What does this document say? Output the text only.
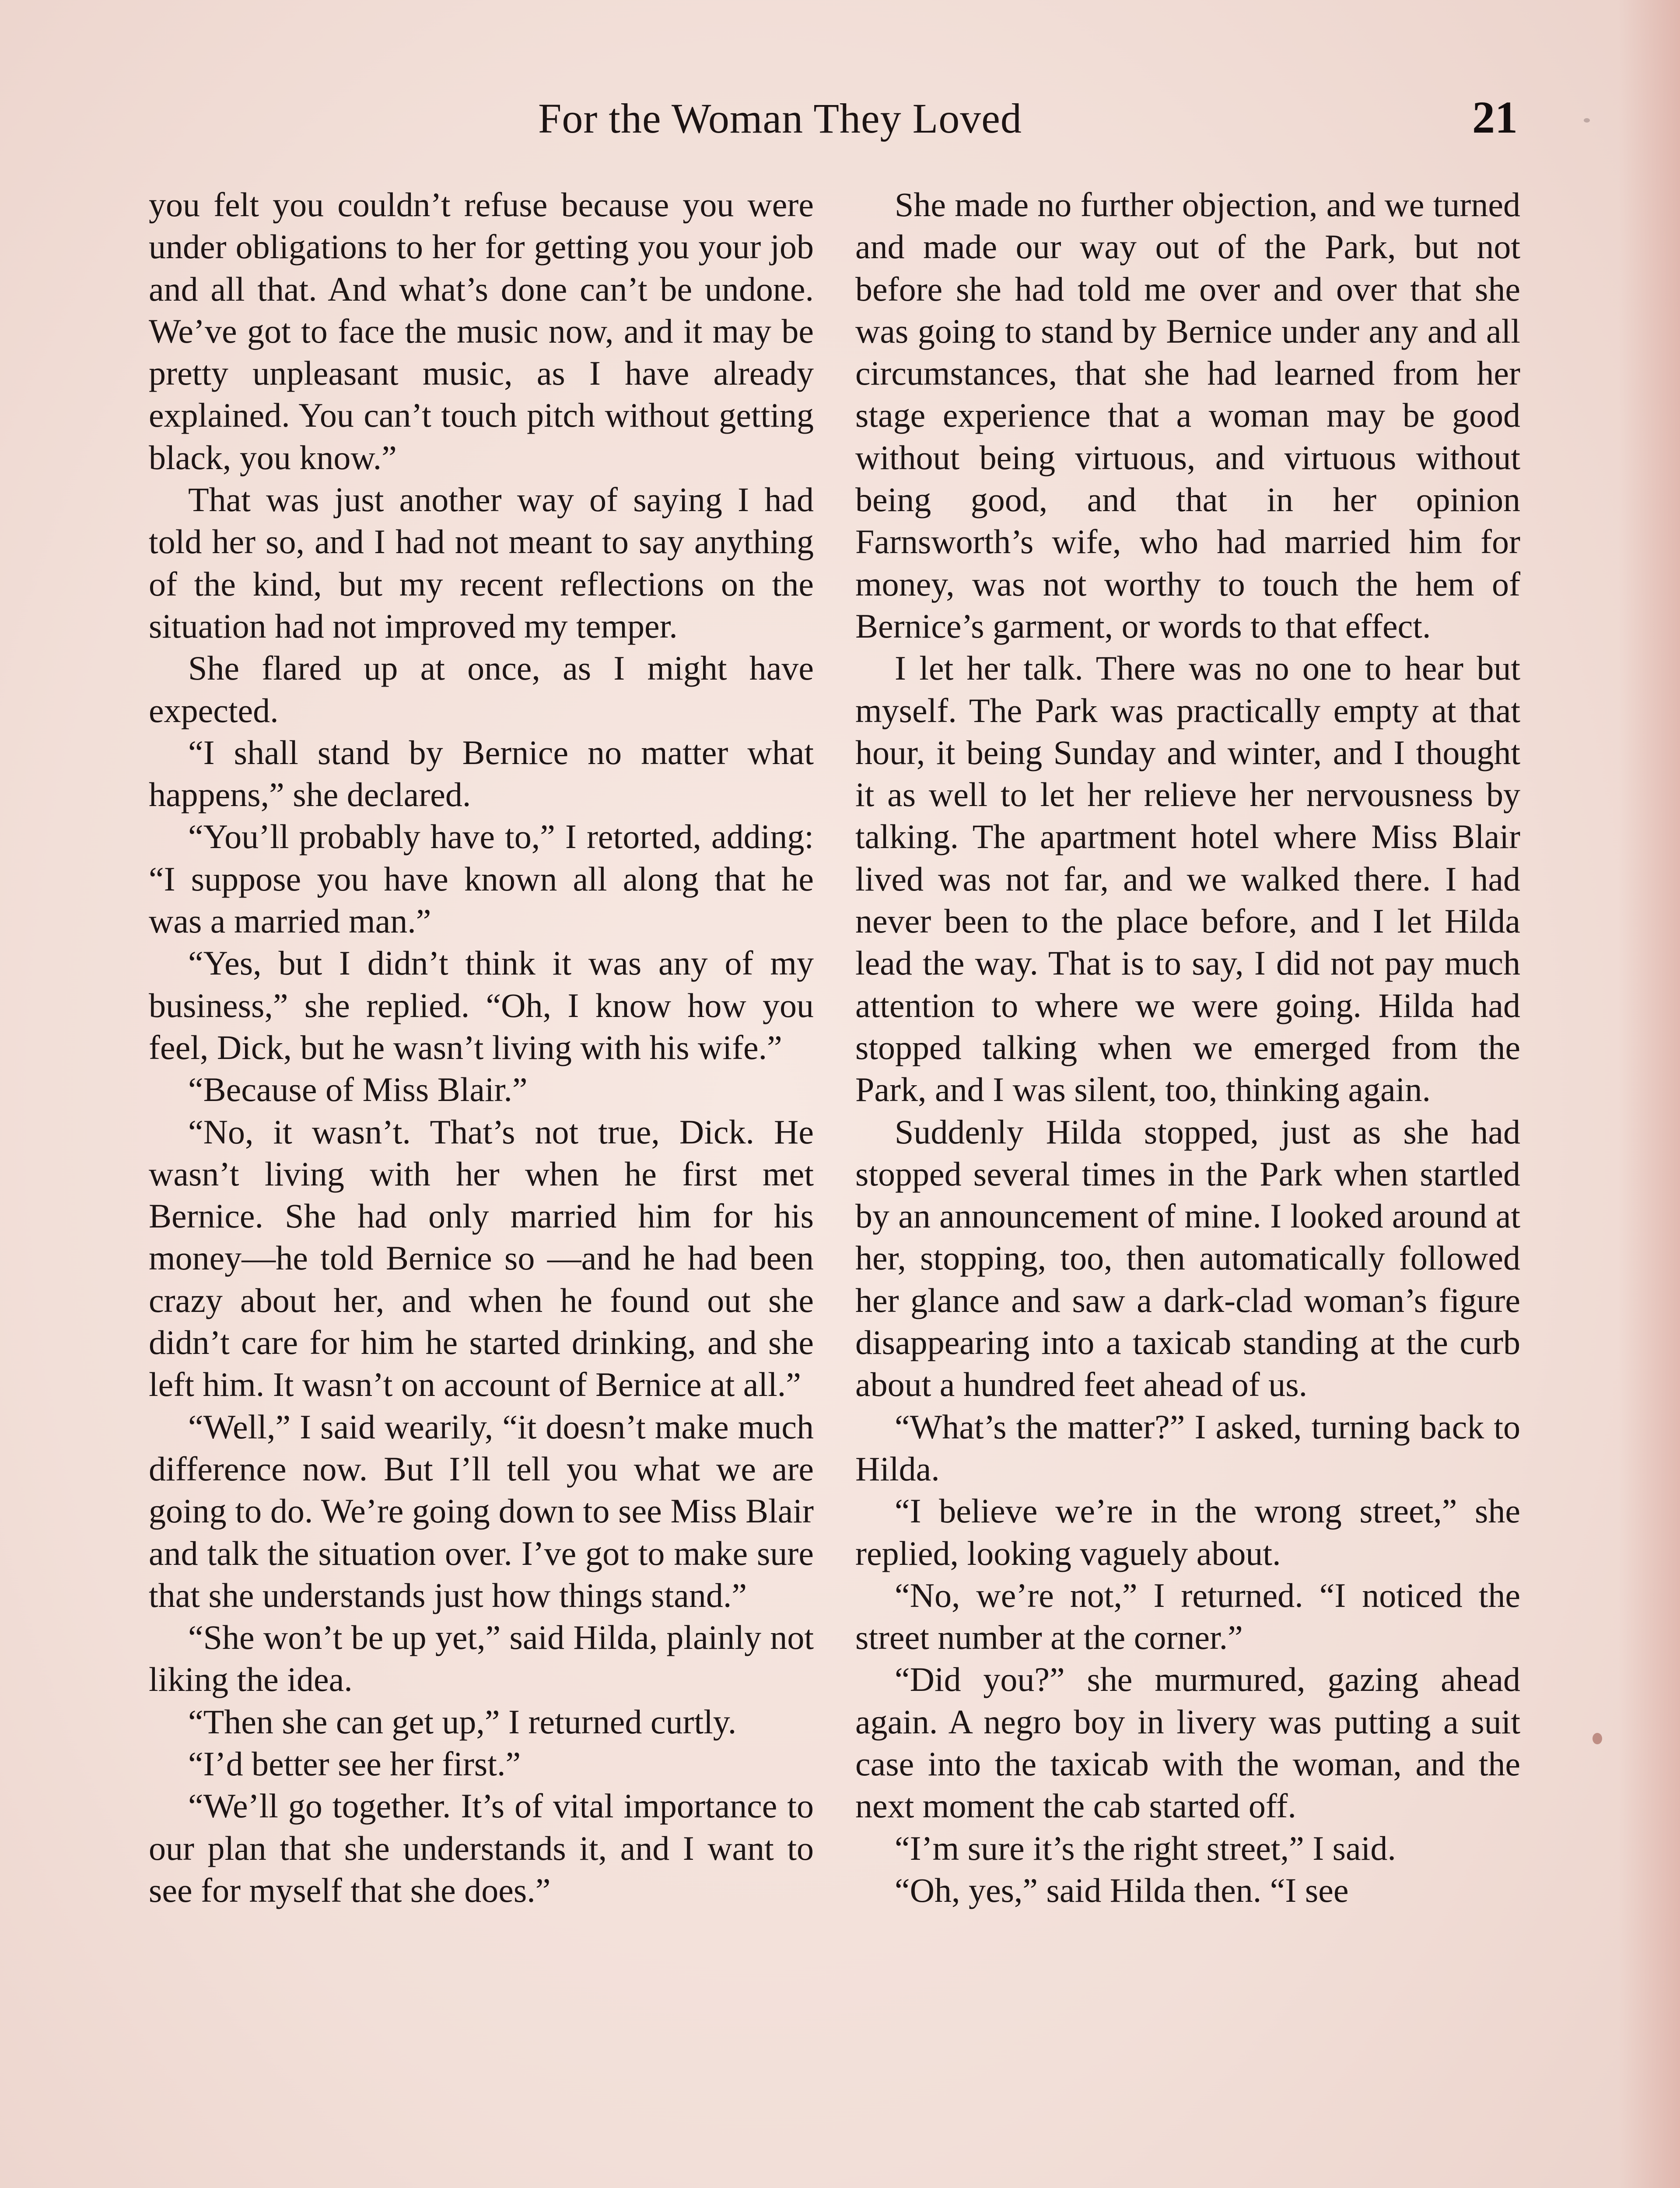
For the Woman They Loved	21

you felt you couldn’t refuse because you were under obligations to her for getting you your job and all that. And what’s done can’t be undone. We’ve got to face the music now, and it may be pretty unpleasant music, as I have already explained. You can’t touch pitch without getting black, you know.”

That was just another way of saying I had told her so, and I had not meant to say anything of the kind, but my recent reflections on the situation had not improved my temper.

She flared up at once, as I might have expected.

“I shall stand by Bernice no matter what happens,” she declared.

“You’ll probably have to,” I retorted, adding: “I suppose you have known all along that he was a married man.”

“Yes, but I didn’t think it was any of my business,” she replied. “Oh, I know how you feel, Dick, but he wasn’t living with his wife.”

“Because of Miss Blair.”

“No, it wasn’t. That’s not true, Dick. He wasn’t living with her when he first met Bernice. She had only married him for his money—he told Bernice so —and he had been crazy about her, and when he found out she didn’t care for him he started drinking, and she left him. It wasn’t on account of Bernice at all.”

“Well,” I said wearily, “it doesn’t make much difference now. But I’ll tell you what we are going to do. We’re going down to see Miss Blair and talk the situation over. I’ve got to make sure that she understands just how things stand.”

“She won’t be up yet,” said Hilda, plainly not liking the idea.

“Then she can get up,” I returned curtly.

“I’d better see her first.”

“We’ll go together. It’s of vital importance to our plan that she understands it, and I want to see for myself that she does.”

She made no further objection, and we turned and made our way out of the Park, but not before she had told me over and over that she was going to stand by Bernice under any and all circumstances, that she had learned from her stage experience that a woman may be good without being virtuous, and virtuous without being good, and that in her opinion Farnsworth’s wife, who had married him for money, was not worthy to touch the hem of Bernice’s garment, or words to that effect.

I let her talk. There was no one to hear but myself. The Park was practically empty at that hour, it being Sunday and winter, and I thought it as well to let her relieve her nervousness by talking. The apartment hotel where Miss Blair lived was not far, and we walked there. I had never been to the place before, and I let Hilda lead the way. That is to say, I did not pay much attention to where we were going. Hilda had stopped talking when we emerged from the Park, and I was silent, too, thinking again.

Suddenly Hilda stopped, just as she had stopped several times in the Park when startled by an announcement of mine. I looked around at her, stopping, too, then automatically followed her glance and saw a dark-clad woman’s figure disappearing into a taxicab standing at the curb about a hundred feet ahead of us.

“What’s the matter?” I asked, turning back to Hilda.

“I believe we’re in the wrong street,” she replied, looking vaguely about.

“No, we’re not,” I returned. “I noticed the street number at the corner.”

“Did you?” she murmured, gazing ahead again. A negro boy in livery was putting a suit case into the taxicab with the woman, and the next moment the cab started off.

“I’m sure it’s the right street,” I said.

“Oh, yes,” said Hilda then. “I see
